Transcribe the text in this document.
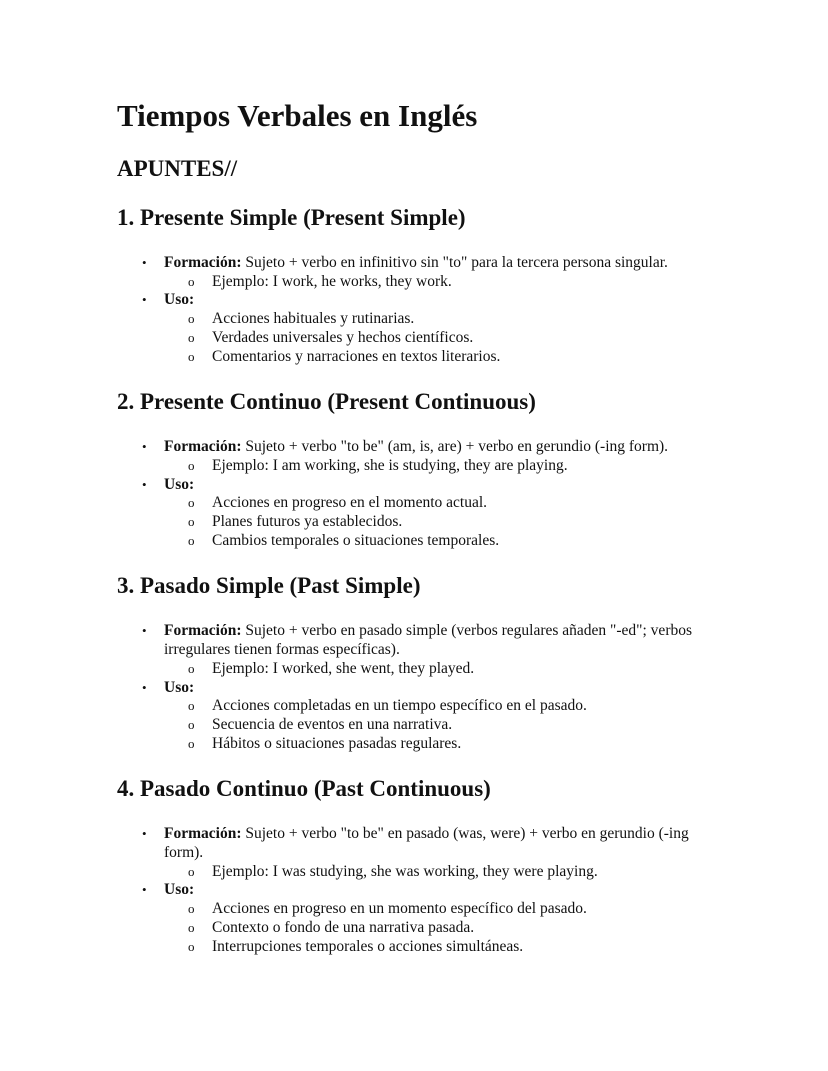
Tiempos Verbales en Inglés
APUNTES//
1. Presente Simple (Present Simple)
• Formación: Sujeto + verbo en infinitivo sin "to" para la tercera persona singular.
o Ejemplo: I work, he works, they work.
• Uso:
o Acciones habituales y rutinarias.
o Verdades universales y hechos científicos.
o Comentarios y narraciones en textos literarios.
2. Presente Continuo (Present Continuous)
• Formación: Sujeto + verbo "to be" (am, is, are) + verbo en gerundio (-ing form).
o Ejemplo: I am working, she is studying, they are playing.
• Uso:
o Acciones en progreso en el momento actual.
o Planes futuros ya establecidos.
o Cambios temporales o situaciones temporales.
3. Pasado Simple (Past Simple)
• Formación: Sujeto + verbo en pasado simple (verbos regulares añaden "-ed"; verbos irregulares tienen formas específicas).
o Ejemplo: I worked, she went, they played.
• Uso:
o Acciones completadas en un tiempo específico en el pasado.
o Secuencia de eventos en una narrativa.
o Hábitos o situaciones pasadas regulares.
4. Pasado Continuo (Past Continuous)
• Formación: Sujeto + verbo "to be" en pasado (was, were) + verbo en gerundio (-ing form).
o Ejemplo: I was studying, she was working, they were playing.
• Uso:
o Acciones en progreso en un momento específico del pasado.
o Contexto o fondo de una narrativa pasada.
o Interrupciones temporales o acciones simultáneas.
